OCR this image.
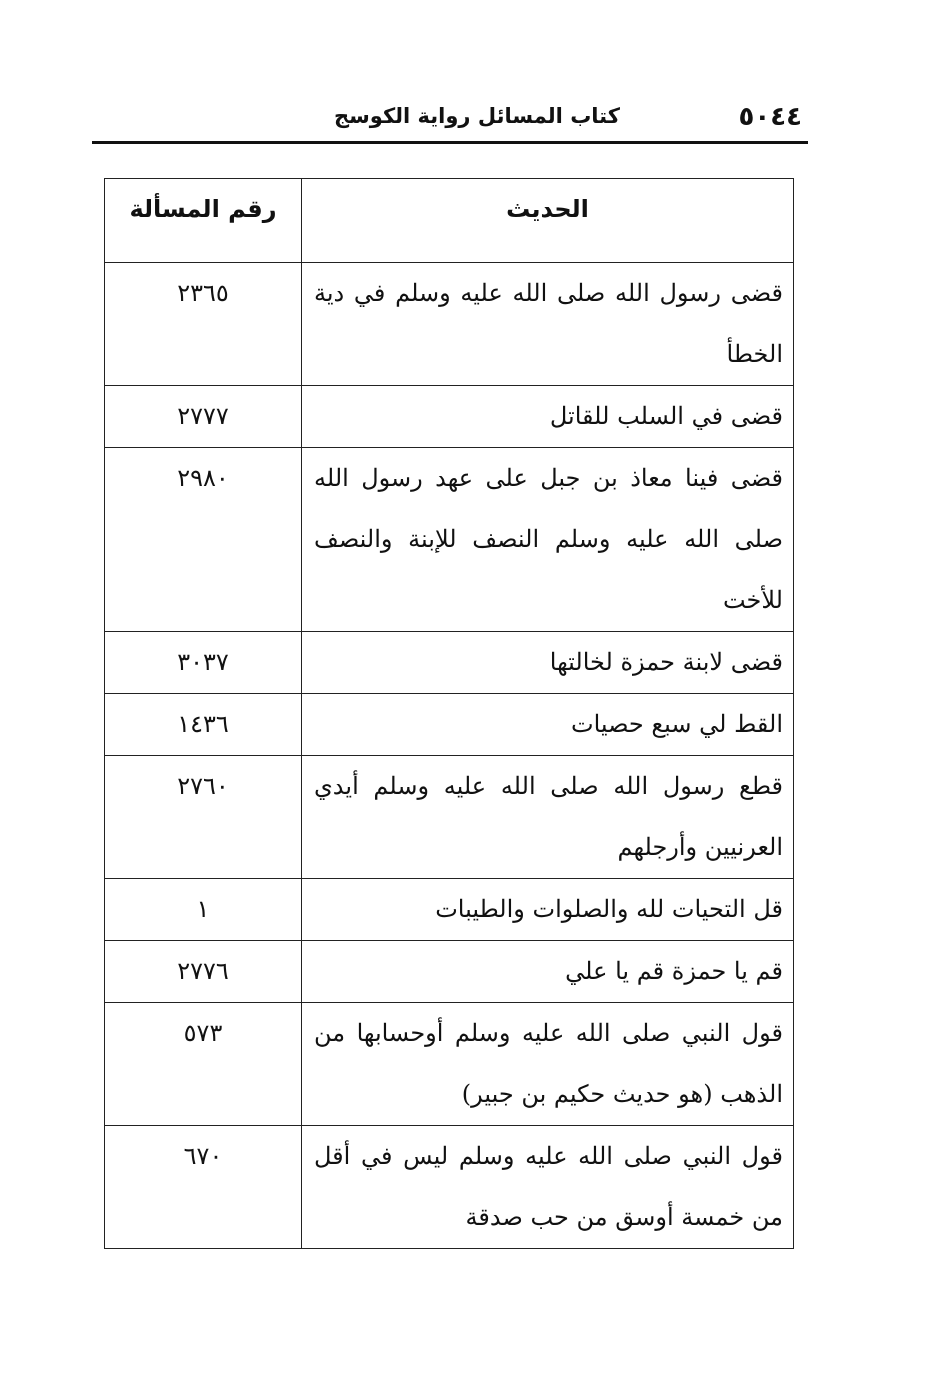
٥٠٤٤
كتاب المسائل رواية الكوسج
الحديث	رقم المسألة
قضى رسول الله صلى الله عليه وسلم في دية الخطأ	٢٣٦٥
قضى في السلب للقاتل	٢٧٧٧
قضى فينا معاذ بن جبل على عهد رسول الله صلى الله عليه وسلم النصف للإبنة والنصف للأخت	٢٩٨٠
قضى لابنة حمزة لخالتها	٣٠٣٧
القط لي سبع حصيات	١٤٣٦
قطع رسول الله صلى الله عليه وسلم أيدي العرنيين وأرجلهم	٢٧٦٠
قل التحيات لله والصلوات والطيبات	١
قم يا حمزة قم يا علي	٢٧٧٦
قول النبي صلى الله عليه وسلم أوحسابها من الذهب (هو حديث حكيم بن جبير)	٥٧٣
قول النبي صلى الله عليه وسلم ليس في أقل من خمسة أوسق من حب صدقة	٦٧٠
